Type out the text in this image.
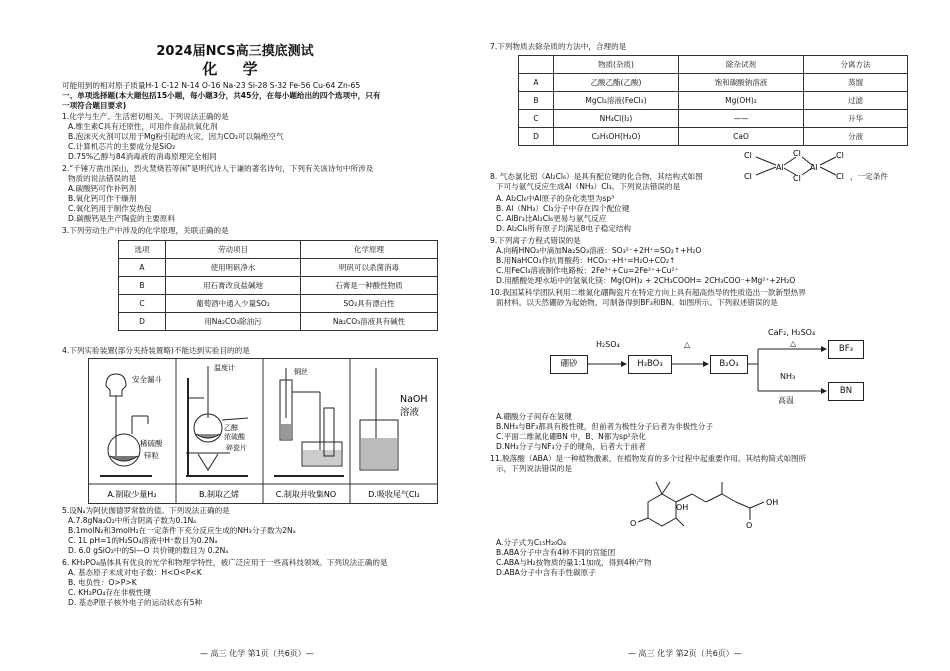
2024届NCS高三摸底测试
化 学
可能用到的相对原子质量H-1 C-12 N-14 O-16 Na-23 Si-28 S-32 Fe-56 Cu-64 Zn-65
一、单项选择题(本大题包括15小题，每小题3分，共45分，在每小题给出的四个选项中，只有
一项符合题目要求)
1.化学与生产、生活密切相关。下列说法正确的是
A.维生素C具有还原性，可用作食品抗氧化剂
B.泡沫灭火剂可以用于Mg粉引起的火灾，因为CO₂可以隔绝空气
C.计算机芯片的主要成分是SiO₂
D.75%乙醇与84消毒液的消毒原理完全相同
2.“千锤万凿出深山，烈火焚烧若等闲”是明代诗人于谦的著名诗句，下列有关该诗句中所涉及
物质的说法错误的是
A.碳酸钙可作补钙剂
B.氧化钙可作干燥剂
C.氧化钙用于制作发热包
D.碳酸钙是生产陶瓷的主要原料
3.下列劳动生产中涉及的化学原理，关联正确的是
选项	劳动项目	化学原理
A	使用明矾净水	明矾可以杀菌消毒
B	用石膏改良盐碱地	石膏是一种酸性物质
C	葡萄酒中通入少量SO₂	SO₂具有漂白性
D	用Na₂CO₃除油污	Na₂CO₃溶液具有碱性
4.下列实验装置(部分夹持装置略)不能达到实验目的的是
安全漏斗
稀硫酸
锌粒
温度计
乙醇
浓硫酸
碎瓷片
铜丝
NaOH
溶液
A.制取少量H₂	B.制取乙烯	C.制取并收集NO	D.吸收尾气Cl₂
5.设Nₐ为阿伏伽德罗常数的值。下列说法正确的是
A.7.8gNa₂O₂中所含阴离子数为0.1Nₐ
B.1molN₂和3molH₂在一定条件下充分反应生成的NH₃分子数为2Nₐ
C. 1L pH=1的H₂SO₄溶液中H⁺数目为0.2Nₐ
D. 6.0 gSiO₂中的Si—O 共价键的数目为 0.2Nₐ
6. KH₂PO₄晶体具有优良的光学和物理学特性，被广泛应用于一些高科技领域。下列说法正确的是
A. 基态原子未成对电子数：H<O<P<K
B. 电负性：O>P>K
C. KH₂PO₄存在非极性键
D. 基态P原子核外电子的运动状态有5种
— 高三 化学 第1页（共6页）—
7.下列物质去除杂质的方法中，合理的是
	物质(杂质)	除杂试剂	分离方法
A	乙酸乙酯(乙酸)	饱和碳酸钠溶液	蒸馏
B	MgCl₂溶液(FeCl₃)	Mg(OH)₂	过滤
C	NH₄Cl(I₂)	——	升华
D	C₂H₅OH(H₂O)	CaO	分液
Cl
Cl
Al
Cl
Cl
Al
Cl
Cl
8. 气态氯化铝（Al₂Cl₆）是具有配位键的化合物，其结构式如图	，一定条件
下可与氨气反应生成Al（NH₃）Cl₃。下列说法错误的是
A. Al₂Cl₆中Al原子的杂化类型为sp³
B. Al（NH₃）Cl₃分子中存在四个配位键
C. AlBr₃比Al₂Cl₆更易与氨气反应
D. Al₂Cl₆所有原子均满足8电子稳定结构
9.下列离子方程式错误的是
A.向稀HNO₃中滴加Na₂SO₃溶液：SO₃²⁻+2H⁺=SO₂↑+H₂O
B.用NaHCO₃作抗胃酸药：HCO₃⁻+H⁺=H₂O+CO₂↑
C.用FeCl₃溶液制作电路板：2Fe³⁺+Cu=2Fe²⁺+Cu²⁺
D.用醋酸处理水垢中的氢氧化镁：Mg(OH)₂ + 2CH₃COOH= 2CH₃COO⁻+Mg²⁺+2H₂O
10.我国某科学团队利用二维氮化硼陶瓷片在特定方向上具有超高热导的性质造出一款新型热界
面材料。以天然硼砂为起始物，可制备得到BF₃和BN。如图所示。下列叙述错误的是
硼砂
H₂SO₄
H₃BO₃
△
B₂O₃
CaF₂, H₂SO₄
△
BF₃
NH₃
高温
BN
A.硼酸分子间存在氢键
B.NH₃与BF₃都具有极性键，但前者为极性分子后者为非极性分子
C.平面二维氮化硼BN 中，B、N都为sp²杂化
D.NH₃分子与NF₃分子的键角，后者大于前者
11.脱落酸（ABA）是一种植物激素，在植物发育的多个过程中起重要作用。其结构简式如图所
示，下列说法错误的是
OH
O	O
OH
A.分子式为C₁₅H₂₀O₄
B.ABA分子中含有4种不同的官能团
C.ABA与H₂按物质的量1:1加成，得到4种产物
D.ABA分子中含有手性碳原子
— 高三 化学 第2页（共6页）—
